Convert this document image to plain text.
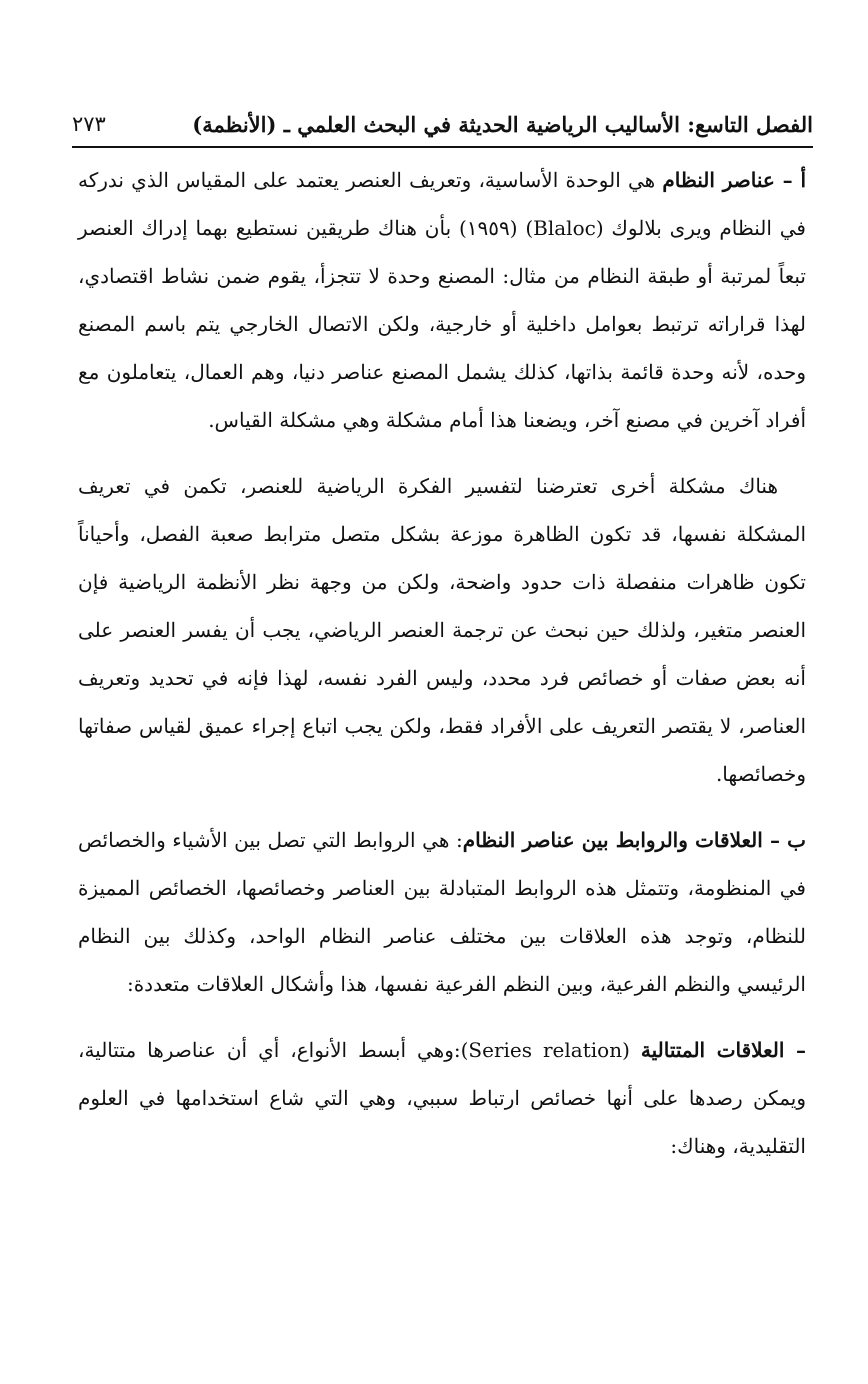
الفصل التاسع: الأساليب الرياضية الحديثة في البحث العلمي ـ (الأنظمة)
٢٧٣

أ – عناصر النظام هي الوحدة الأساسية، وتعريف العنصر يعتمد على المقياس الذي ندركه في النظام ويرى بلالوك (Blaloc) (١٩٥٩) بأن هناك طريقين نستطيع بهما إدراك العنصر تبعاً لمرتبة أو طبقة النظام من مثال: المصنع وحدة لا تتجزأ، يقوم ضمن نشاط اقتصادي، لهذا قراراته ترتبط بعوامل داخلية أو خارجية، ولكن الاتصال الخارجي يتم باسم المصنع وحده، لأنه وحدة قائمة بذاتها، كذلك يشمل المصنع عناصر دنيا، وهم العمال، يتعاملون مع أفراد آخرين في مصنع آخر، ويضعنا هذا أمام مشكلة وهي مشكلة القياس.

هناك مشكلة أخرى تعترضنا لتفسير الفكرة الرياضية للعنصر، تكمن في تعريف المشكلة نفسها، قد تكون الظاهرة موزعة بشكل متصل مترابط صعبة الفصل، وأحياناً تكون ظاهرات منفصلة ذات حدود واضحة، ولكن من وجهة نظر الأنظمة الرياضية فإن العنصر متغير، ولذلك حين نبحث عن ترجمة العنصر الرياضي، يجب أن يفسر العنصر على أنه بعض صفات أو خصائص فرد محدد، وليس الفرد نفسه، لهذا فإنه في تحديد وتعريف العناصر، لا يقتصر التعريف على الأفراد فقط، ولكن يجب اتباع إجراء عميق لقياس صفاتها وخصائصها.

ب – العلاقات والروابط بين عناصر النظام: هي الروابط التي تصل بين الأشياء والخصائص في المنظومة، وتتمثل هذه الروابط المتبادلة بين العناصر وخصائصها، الخصائص المميزة للنظام، وتوجد هذه العلاقات بين مختلف عناصر النظام الواحد، وكذلك بين النظام الرئيسي والنظم الفرعية، وبين النظم الفرعية نفسها، هذا وأشكال العلاقات متعددة:

– العلاقات المتتالية (Series relation):وهي أبسط الأنواع، أي أن عناصرها متتالية، ويمكن رصدها على أنها خصائص ارتباط سببي، وهي التي شاع استخدامها في العلوم التقليدية، وهناك:
